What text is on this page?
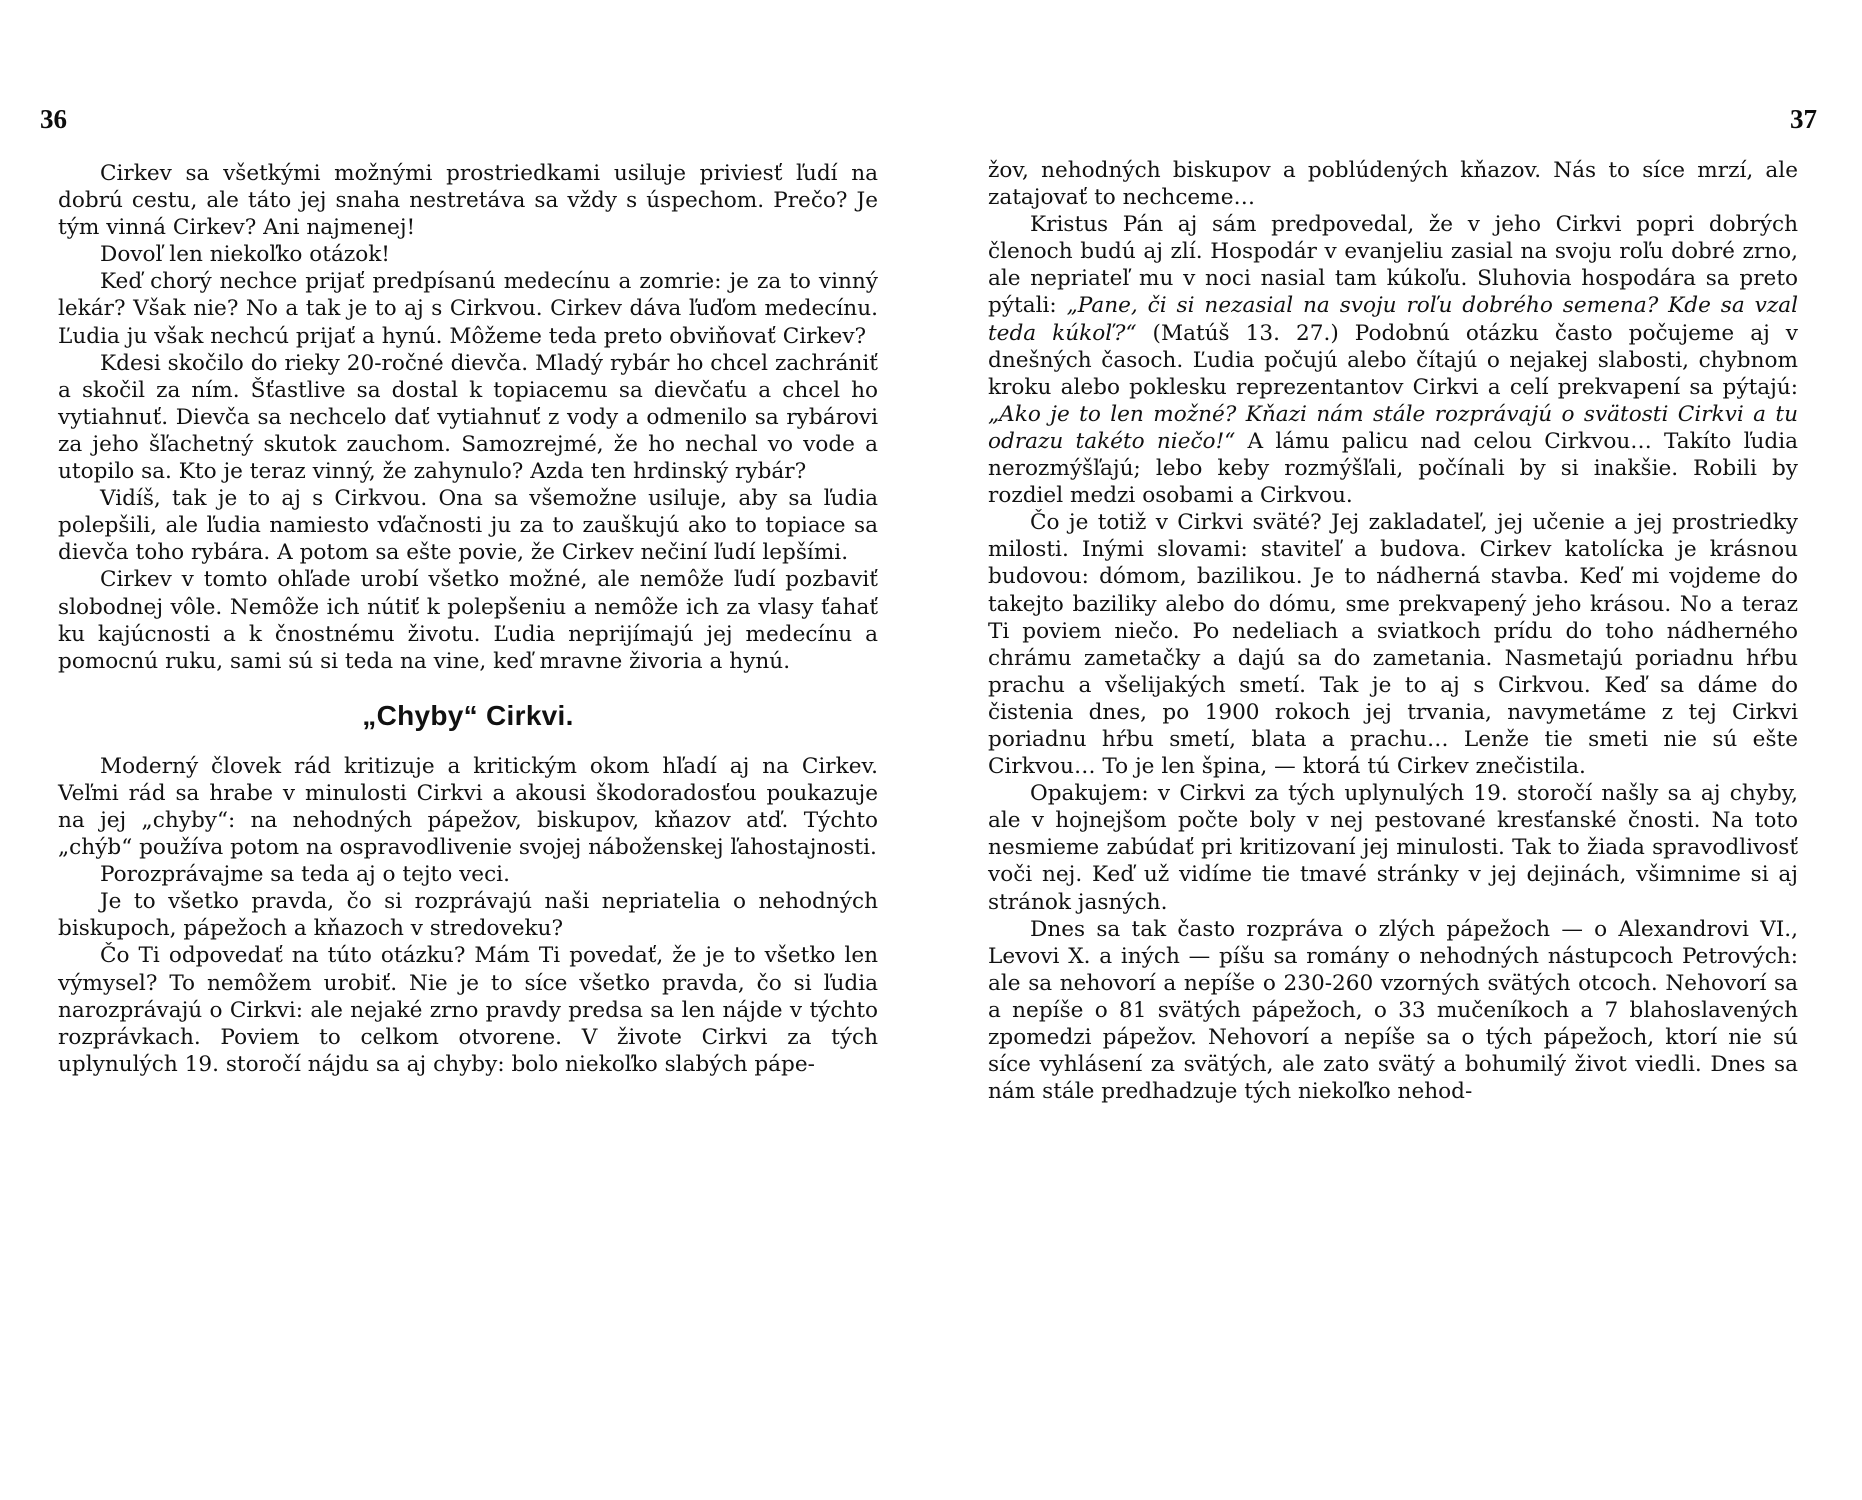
36

Cirkev sa všetkými možnými prostriedkami usiluje priviesť ľudí na dobrú cestu, ale táto jej snaha nestretáva sa vždy s úspechom. Prečo? Je tým vinná Cirkev? Ani najmenej!

Dovoľ len niekoľko otázok!

Keď chorý nechce prijať predpísanú medecínu a zomrie: je za to vinný lekár? Však nie? No a tak je to aj s Cirkvou. Cirkev dáva ľuďom medecínu. Ľudia ju však nechcú prijať a hynú. Môžeme teda preto obviňovať Cirkev?

Kdesi skočilo do rieky 20-ročné dievča. Mladý rybár ho chcel zachrániť a skočil za ním. Šťastlive sa dostal k topiacemu sa dievčaťu a chcel ho vytiahnuť. Dievča sa nechcelo dať vytiahnuť z vody a odmenilo sa rybárovi za jeho šľachetný skutok zauchom. Samozrejmé, že ho nechal vo vode a utopilo sa. Kto je teraz vinný, že zahynulo? Azda ten hrdinský rybár?

Vidíš, tak je to aj s Cirkvou. Ona sa všemožne usiluje, aby sa ľudia polepšili, ale ľudia namiesto vďačnosti ju za to zauškujú ako to topiace sa dievča toho rybára. A potom sa ešte povie, že Cirkev nečiní ľudí lepšími.

Cirkev v tomto ohľade urobí všetko možné, ale nemôže ľudí pozbaviť slobodnej vôle. Nemôže ich nútiť k polepšeniu a nemôže ich za vlasy ťahať ku kajúcnosti a k čnostnému životu. Ľudia neprijímajú jej medecínu a pomocnú ruku, sami sú si teda na vine, keď mravne živoria a hynú.

„Chyby“ Cirkvi.

Moderný človek rád kritizuje a kritickým okom hľadí aj na Cirkev. Veľmi rád sa hrabe v minulosti Cirkvi a akousi škodoradosťou poukazuje na jej „chyby“: na nehodných pápežov, biskupov, kňazov atď. Týchto „chýb“ používa potom na ospravodlivenie svojej náboženskej ľahostajnosti.

Porozprávajme sa teda aj o tejto veci.

Je to všetko pravda, čo si rozprávajú naši nepriatelia o nehodných biskupoch, pápežoch a kňazoch v stredoveku?

Čo Ti odpovedať na túto otázku? Mám Ti povedať, že je to všetko len výmysel? To nemôžem urobiť. Nie je to síce všetko pravda, čo si ľudia narozprávajú o Cirkvi: ale nejaké zrno pravdy predsa sa len nájde v týchto rozprávkach. Poviem to celkom otvorene. V živote Cirkvi za tých uplynulých 19. storočí nájdu sa aj chyby: bolo niekoľko slabých pápe-

37

žov, nehodných biskupov a poblúdených kňazov. Nás to síce mrzí, ale zatajovať to nechceme…

Kristus Pán aj sám predpovedal, že v jeho Cirkvi popri dobrých členoch budú aj zlí. Hospodár v evanjeliu zasial na svoju roľu dobré zrno, ale nepriateľ mu v noci nasial tam kúkoľu. Sluhovia hospodára sa preto pýtali: „Pane, či si nezasial na svoju roľu dobrého semena? Kde sa vzal teda kúkoľ?“ (Matúš 13. 27.) Podobnú otázku často počujeme aj v dnešných časoch. Ľudia počujú alebo čítajú o nejakej slabosti, chybnom kroku alebo poklesku reprezentantov Cirkvi a celí prekvapení sa pýtajú: „Ako je to len možné? Kňazi nám stále rozprávajú o svätosti Cirkvi a tu odrazu takéto niečo!“ A lámu palicu nad celou Cirkvou… Takíto ľudia nerozmýšľajú; lebo keby rozmýšľali, počínali by si inakšie. Robili by rozdiel medzi osobami a Cirkvou.

Čo je totiž v Cirkvi sväté? Jej zakladateľ, jej učenie a jej prostriedky milosti. Inými slovami: staviteľ a budova. Cirkev katolícka je krásnou budovou: dómom, bazilikou. Je to nádherná stavba. Keď mi vojdeme do takejto baziliky alebo do dómu, sme prekvapený jeho krásou. No a teraz Ti poviem niečo. Po nedeliach a sviatkoch prídu do toho nádherného chrámu zametačky a dajú sa do zametania. Nasmetajú poriadnu hŕbu prachu a všelijakých smetí. Tak je to aj s Cirkvou. Keď sa dáme do čistenia dnes, po 1900 rokoch jej trvania, navymetáme z tej Cirkvi poriadnu hŕbu smetí, blata a prachu… Lenže tie smeti nie sú ešte Cirkvou… To je len špina, — ktorá tú Cirkev znečistila.

Opakujem: v Cirkvi za tých uplynulých 19. storočí našly sa aj chyby, ale v hojnejšom počte boly v nej pestované kresťanské čnosti. Na toto nesmieme zabúdať pri kritizovaní jej minulosti. Tak to žiada spravodlivosť voči nej. Keď už vidíme tie tmavé stránky v jej dejinách, všimnime si aj stránok jasných.

Dnes sa tak často rozpráva o zlých pápežoch — o Alexandrovi VI., Levovi X. a iných — píšu sa romány o nehodných nástupcoch Petrových: ale sa nehovorí a nepíše o 230-260 vzorných svätých otcoch. Nehovorí sa a nepíše o 81 svätých pápežoch, o 33 mučeníkoch a 7 blahoslavených zpomedzi pápežov. Nehovorí a nepíše sa o tých pápežoch, ktorí nie sú síce vyhlásení za svätých, ale zato svätý a bohumilý život viedli. Dnes sa nám stále predhadzuje tých niekoľko nehod-
